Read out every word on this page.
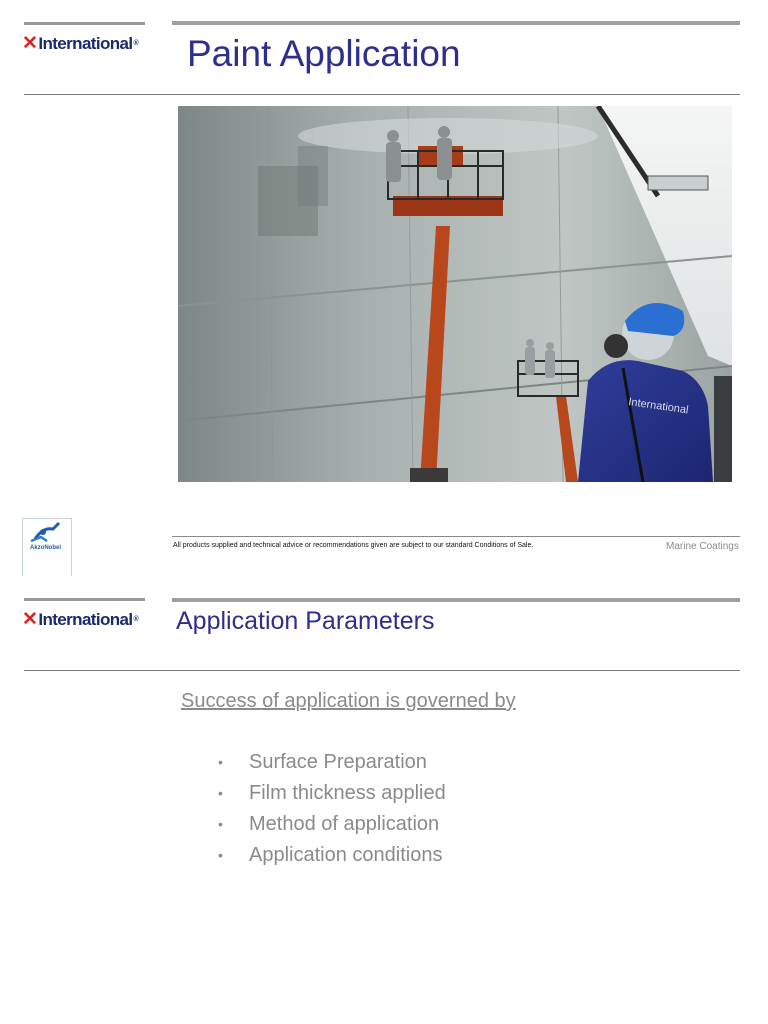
✕ International ® Paint Application
International
AkzoNobel	All products supplied and technical advice or recommendations given are subject to our standard Conditions of Sale.	Marine Coatings
✕ International ® Application Parameters
Success of application is governed by
• Surface Preparation
• Film thickness applied
• Method of application
• Application conditions
